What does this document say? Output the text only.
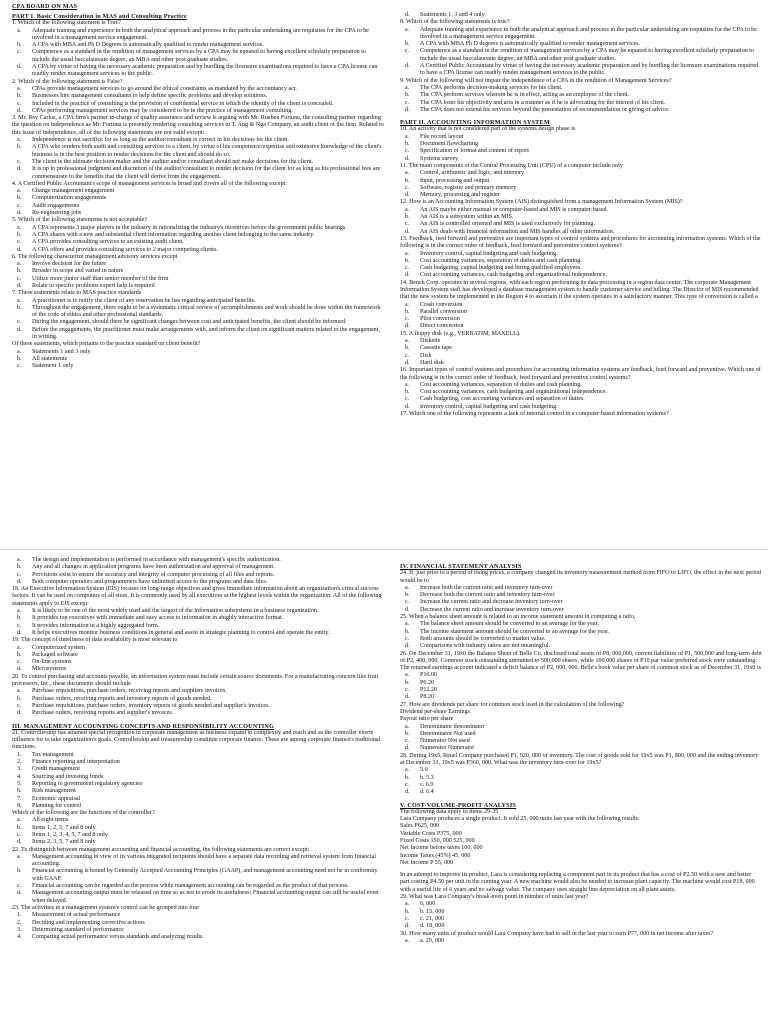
CPA BOARD ON MAS
PART I. Basic Consideration in MAS and Consulting Practice
1. Which of the following statement is True?
a. Adequate training and experience in both the analytical approach and process in the particular undertaking are requisites for the CPA to be involved in a management service engagement.
b. A CPA with MBA and Ph D Degrees is automatically qualified to render management services.
c. Competence as a standard in the rendition of management services by a CPA may be equated to having excellent scholarly preparation to include the usual baccalaureate degree, an MBA and other post graduate studies.
d. A CPA by virtue of having the necessary academic preparation and by hurdling the licensure examinations required to have a CPA license can readily render management services to the public.
2. Which of the following statement is False?
a. CPAs provide management services to go around the ethical constraints as mandated by the accountancy act.
b. Businesses hire management consultants to help define specific problems and develop solutions.
c. Included in the practice of consulting is the provision of confidential service in which the identity of the client is concealed.
d. CPAs performing management services may be considered to be in the practice of management consulting.
3. Mr. Rey Carlos, a CPA firm's partner in-charge of quality assurance and review is arguing with Mr. Rueben Fortuna, the consulting partner regarding the question on independence as Mr. Fortuna is presently rendering consulting services to T. Ang & Nga Company, an audit client of the firm. Related to this issue of independence, all of the following statements are not valid except:
a. Independence is not sacrifice for as long as the auditor/consultant is correct in his decisions for the client.
b. A CPA who renders both audit and consulting services to a client, by virtue of his competence/expertise and extensive knowledge of the client's business is in the best position to render decisions for the client and should do so.
c. The client is the ultimate decision maker and the auditor and/or consultant should not make decisions for the client.
d. It is up to professional judgment and discretion of the auditor/consultant to render decision for the client for as long as his professional fees are commensurate to the benefits that the client will derive from the engagement.
4. A Certified Public Accountant's scope of management services is broad and covers all of the following except:
a. Change management engagement
b. Computerization engagements
c. Audit engagements
d. Re-engineering jobs
5. Which of the following statements is not acceptable?
a. A CPA represents 3 major players in the industry in rationalizing the industry's incentives before the government public hearings.
b. A CPA shares with a new and substantial client information regarding another client belonging to the same industry.
c. A CPA provides consulting services to an existing audit client.
d. A CPA offers and provides consulting services to 2 major competing clients.
6. The following characterize management advisory services except
a. Involve decision for the future
b. Broader in scope and varied in nature
c. Utilize more junior staff than senior member of the firm
d. Relate to specific problems expert help is required
7. These statements relate to MAS practice standards
a. A practitioner is to notify the client of any reservation he has regarding anticipated benefits.
b. Throughout the engagement, there ought to be a systematic critical review of accomplishments and work should be done within the framework of the code of ethics and other professional standards.
c. During the engagement, should there be significant changes between cost and anticipated benefits, the client should be informed.
d. Before the engagements, the practitioner must make arrangements with, and inform the client on significant matters related to the engagement, in writing.
Of these statements, which pertains to the practice standard on client benefit?
a. Statements 1 and 3 only
b. All statements
c. Statement 1 only
d. Statements 1, 3 and 4 only
8. Which of the following statements is true?
a. Adequate training and experience in both the analytical approach and process in the particular undertaking are requisites for the CPA to be involved in a management service engagement.
b. A CPA with MBA Ph D degrees is automatically qualified to render management services.
c. Competence as a standard in the rendition of management services by a CPA may be equated to having excellent scholarly preparation to include the usual baccalaureate degree, an MBA and other post graduate studies.
d. A Certified Public Accountant by virtue of having the necessary academic preparation and by hurdling the licensure examinations required to have a CPA license can readily render management services to the public.
9. Which of the following will not impair the independence of a CPA in the rendition of Management Services?
a. The CPA performs decision-making services for his client.
b. The CPA perform services wherein he is in effect, acting as an employee of the client.
c. The CPA loses his objectivity and acts in a manner as if he is advocating for the interest of his client.
d. The CPA does not extend his services beyond the presentation of recommendation or giving of advice.
PART II. ACCOUNTING INFORMATION SYSTEM
10. An activity that is not considered part of the systems design phase is
a. File record layout
b. Document flowcharting
c. Specification of format and content of report
d. Systems survey
11. The main components of the Central Processing Unit (CPU) of a computer include only
a. Control, arithmetic and logic, and memory
b. Input, processing and output
c. Software, register and primary memory
d. Memory, processing and register
12. How is an Accounting Information System (AIS) distinguished from a management Information System (MIS)?
a. An AIS maybe either manual or computer-based and MIS is computer-based.
b. An AIS is a subsystem within an MIS.
c. An AIS is controlled oriented and MIS is used exclusively for planning.
d. An AIS deals with financial information and MIS handles all other information.
13. Feedback, feed forward and preventive are important types of control systems and procedures for accounting information systems. Which of the following is in the correct order of feedback, feed forward and preventive control systems?
a. Inventory control, capital budgeting and cash budgeting.
b. Cost accounting variances, separation of duties and cash planning.
c. Cash budgeting, capital budgeting and hiring qualified employees.
d. Cost accounting variances, cash budgeting and organizational independence.
14. Bench Corp. operates in several regions, with each region performing its data processing in a region data center. The corporate Management Information System staff has developed a database management system to handle customer service and billing. The Director of MIS recommended that the new system be implemented in the Region 4 to ascertain if the system operates in a satisfactory manner. This type of conversion is called a
a. Crash conversion
b. Parallel conversion
c. Pilot conversion
d. Direct conversion
15. A floppy disk (e.g., VERBATIM, MAXELL).
a. Diskette
b. Cassette tape
c. Disk
d. Hard disk
16. Important types of control systems and procedures for accounting information systems are feedback, feed forward and preventive. Which one of the following is in the correct order of feedback, feed forward and preventive control systems?
a. Cost accounting variances, separation of duties and cash planning.
b. Cost accounting variances, cash budgeting and organizational independence.
c. Cash budgeting, cost accounting variances and separation of duties.
d. Inventory control, capital budgeting and cash budgeting.
17. Which one of the following represents a lack of internal control in a computer-based information systems?
a. The design and implementation is performed in accordance with management's specific authorization.
b. Any and all changes in application programs have been authorization and approval of management.
c. Provisions exist to ensure the accuracy and integrity of computer processing of all files and reports.
d. Both computer operators and programmers have unlimited access to the programs and data files.
18. An Executive Information System (EIS) focuses on long-range objectives and gives immediate information about an organization's critical success factors. It can be used on computers of all sizes. It is commonly used by all executives at the highest levels within the organization. All of the following statements apply to EIS except:
a. It is likely to be one of the most widely used and the largest of the information subsystems in a business organization.
b. It provides top executives with immediate and easy access to information in ahighly interactive format.
c. It provides information in a highly aggregated form.
d. It helps executives monitor business conditions in general and assist in strategic planning to control and operate the entity.
19. The concept of timeliness of data availability is most relevant to
a. Computerized system
b. Packaged software
c. On-line systems
d. Microsystems
20. To control purchasing and accounts payable, an information system must include certain source documents. For a manufacturing concern like fruit processors, Inc., these documents should include
a. Purchase requisitions, purchase orders, receiving reports and suppliers invoices.
b. Purchase orders, receiving reports and inventory reports of goods needed.
c. Purchase requisitions, purchase orders, inventory reports of goods needed and supplier's invoices.
d. Purchase orders, receiving reports and supplier's invoices.
III. MANAGEMENT ACCOUNTING CONCEPTS AND RESPONSIBILITY ACCOUNTING
21. Controllership has attained special recognition in corporate management as business expand in complexity and reach and as the controller exerts influence for to take organization's goals. Controllership and treasurership constitute corporate finance. These are among corporate finance's traditional functions.
1. Tax management
2. Finance reporting and interpretation
3. Credit management
4. Sourcing and investing funds
5. Reporting to government regulatory agencies
6. Risk management
7. Economic appraisal
8. Planning for control
Which of the following are the functions of the controller?
a. All eight items
b. Items 1, 2, 5, 7 and 8 only
c. Items 1, 2, 3, 4, 5, 7 and 8 only
d. Items 2, 3, 5, 7 and 8 only
22. To distinguish between management accounting and financial accounting, the following statements are correct except:
a. Management accounting in view of its various integrated recipients should have a separate data recording and retrieval system from financial accounting.
b. Financial accounting is bound by Generally Accepted Accounting Principles (GAAP), and management accounting need not be in conformity with GAAP.
c. Financial accounting can be regarded as the process while management accounting can be regarded as the product of that process.
d. Management accounting output must be released on time so as not to erode its usefulness; Financial accounting output can still be useful even when delayed.
23. The activities in a management system's control can be grouped into four
1. Measurement of actual performance
2. Deciding and implementing corrective actions
3. Determining standard of performance
4. Comparing actual performance versus standards and analyzing results.
IV. FINANCIAL STATEMENT ANALYSIS
24. If, just prior to a period of rising prices, a company changed its inventory measurement method from FIFO to LIFO, the effect in the next period would be to
a. Increase both the current ratio and inventory turn-over
b. Decrease both the current ratio and inventory turn-over
c. Increase the current ratio and decrease inventory turn-over
d. Decrease the current ratio and increase inventory turn-over
25. When a balance sheet amount is related to an income statement amount in computing a ratio,
a. The balance sheet amount should be converted to an average for the year.
b. The income statement amount should be converted to an average for the year.
c. Both amounts should be converted to market value.
d. Comparisons with industry ratios are not meaningful.
26. On December 31, 19x0 the Balance Sheet of Belle Co. disclosed total assets of P8, 000,000, current liabilities of P1, 500,000 and long-term debt of P2, 400, 000. Common stock outstanding amounted to 500,000 shares, while 100,000 shares of P10 par value preferred stock were outstanding. The retained earnings account indicated a deficit balance of P2, 000, 000. Belle's book value per share of common stock as of December 31, 19x0 is
a. P16.00
b. P6.20
c. P12.20
d. P8.20
27. How are dividends per share for common stock used in the calculation of the following?
Dividend per-share Earnings
Payout ratio per share
a. Denominator denominator
b. Denominator Not used
c. Numerator Not used
d. Numerator Numerator
28. During 19x5, Reuel Company purchased P1, 920, 000 of inventory. The cost of goods sold for 19x5 was P1, 800, 000 and the ending inventory at December 31, 19x5 was P360, 000. What was the inventory turn-over for 19x5?
a. 5.0
b. b. 5.3
c. c. 6.0
d. d. 6.4
V. COST-VOLUME-PROFIT ANALYSIS
The following data apply to items 29-35
Lara Company produces a single product. It sold 25, 000 units last year with the following results:
Sales P625, 000
Variable Costs P375, 000
Fixed Costs 150, 000 525, 000
Net Income before taxes 100, 000
Income Taxes (45%) 45, 000
Net Income P 55, 000
In an attempt to improve its product, Lara is considering replacing a component part in its product that has a cost of P2.50 with a new and better part costing P4.50 per unit in the coming year. A new machine would also be needed to increase plant capacity. The machine would cost P18, 000 with a useful life of 6 years and no salvage value. The company uses straight line depreciation on all plant assets.
29. What was Lara Company's break-even point in number of units last year?
a. 6, 000
b. b. 15, 000
c. c. 21, 000
d. d. 18, 000
30. How many units of product would Lara Company have had to sell in the last year to earn P77, 000 in net income after taxes?
a. a. 29, 000
